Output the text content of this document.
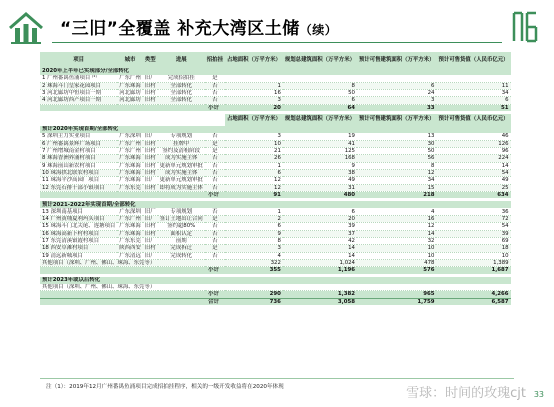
“三旧”全覆盖 补充大湾区土储（续）
项目	城市	类型	进展	招拍挂	占地面积（万平方米）	规划总建筑面积（万平方米）	预计可售建筑面积（万平方米）	预计可售货值（人民币亿元）
2020年上半年已实现部分/全部转化								
1 广州番禺鱼涌项目 ⁽¹⁾	广东广州	旧厂	完成招拍挂	是				
2 珠海斗门皇家花园项目	广东珠海	旧村	全部转化	否	1	8	6	11
3 河北廊坊中恒项目一期	河北廊坊	旧村	全部转化	否	16	50	24	34
4 河北廊坊西产项目一期	河北廊坊	旧村	全部转化	否	3	6	3	6
小计					20	64	33	51

					占地面积（万平方米）	规划总建筑面积（万平方米）	预计可售建筑面积（万平方米）	预计可售货值（人民币亿元）
预计2020年实现首期/全部转化								
5 深圳主力实业项目	广东深圳	旧厂	专项规划	否	3	19	13	46
6 广州番禺景辉广场项目	广东广州	旧村	挂牌中	是	10	41	30	126
7 广州增城南金村项目	广东广州	旧村	签约及清租阶段	是	21	125	50	96
8 珠海香洲界涌村项目	广东珠海	旧村	成为实施主体	否	26	168	56	224
9 珠海前山新农村项目	广东珠海	旧村	更新单元规划审批	否	1	9	8	14
10 珠海拱北联农村项目	广东珠海	旧村	成为实施主体	否	6	38	12	54
11 珠海平沙高园厂项目	广东珠海	旧厂	更新单元规划审批	否	12	49	34	49
12 东莞石排干部小镇项目	广东东莞	旧村	即将成为实施主体	否	12	31	15	25
小计					91	480	218	634

预计2021-2022年实现首期/全部转化								
13 深圳南基项目	广东深圳	旧厂	专项规划	否	1	6	4	36
14 广州黄埔夏利玛头项目	广东广州	旧厂	签订土地出让合同	是	2	20	16	72
15 珠海斗门北关尾、莲塘项目	广东珠海	旧村	签约超80%	否	6	39	12	54
16 珠海高新下村村项目	广东珠海	旧村	面积认定	否	9	37	14	39
17 东莞清溪镇霞村项目	广东东莞	旧厂	前期	否	8	42	32	69
18 西安草滩村项目	陕西西安	旧村	完成拆迁	是	3	14	10	18
19 清远新城项目	广东清远	旧厂	完成转化	否	4	14	10	10
其他项目（深圳、广州、佛山、珠海、东莞等）					322	1,024	478	1,389
小计					355	1,196	576	1,687

预计2023年或以后转化								
其他项目（深圳、广州、佛山、珠海、东莞等）								
小计					290	1,382	965	4,266
合计					736	3,058	1,759	6,587
注（1）：2019年12月广州番禺鱼涌项目完成招拍挂程序，相关的一级开发收益将在2020年体现	雪球：时间的玫瑰cjt 33
